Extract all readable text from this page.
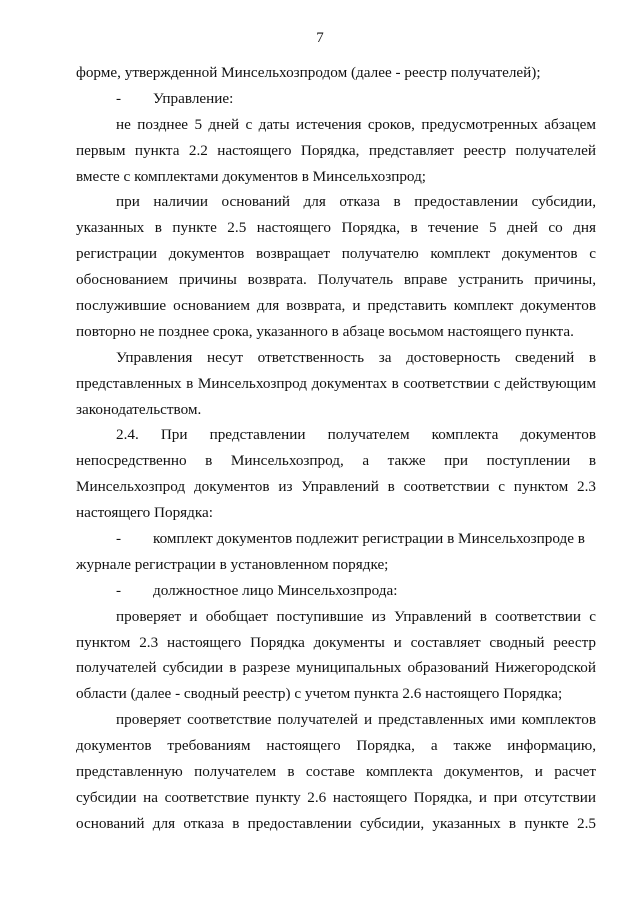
7
форме, утвержденной Минсельхозпродом (далее - реестр получателей);
- Управление:
не позднее 5 дней с даты истечения сроков, предусмотренных абзацем
первым пункта 2.2 настоящего Порядка, представляет реестр получателей
вместе с комплектами документов в Минсельхозпрод;
при наличии оснований для отказа в предоставлении субсидии,
указанных в пункте 2.5 настоящего Порядка, в течение 5 дней со дня
регистрации документов возвращает получателю комплект документов с
обоснованием причины возврата. Получатель вправе устранить причины,
послужившие основанием для возврата, и представить комплект документов
повторно не позднее срока, указанного в абзаце восьмом настоящего пункта.
Управления несут ответственность за достоверность сведений в
представленных в Минсельхозпрод документах в соответствии с действующим
законодательством.
2.4. При представлении получателем комплекта документов
непосредственно в Минсельхозпрод, а также при поступлении в
Минсельхозпрод документов из Управлений в соответствии с пунктом 2.3
настоящего Порядка:
- комплект документов подлежит регистрации в Минсельхозпроде в
журнале регистрации в установленном порядке;
- должностное лицо Минсельхозпрода:
проверяет и обобщает поступившие из Управлений в соответствии с
пунктом 2.3 настоящего Порядка документы и составляет сводный реестр
получателей субсидии в разрезе муниципальных образований Нижегородской
области (далее - сводный реестр) с учетом пункта 2.6 настоящего Порядка;
проверяет соответствие получателей и представленных ими комплектов
документов требованиям настоящего Порядка, а также информацию,
представленную получателем в составе комплекта документов, и расчет
субсидии на соответствие пункту 2.6 настоящего Порядка, и при отсутствии
оснований для отказа в предоставлении субсидии, указанных в пункте 2.5
